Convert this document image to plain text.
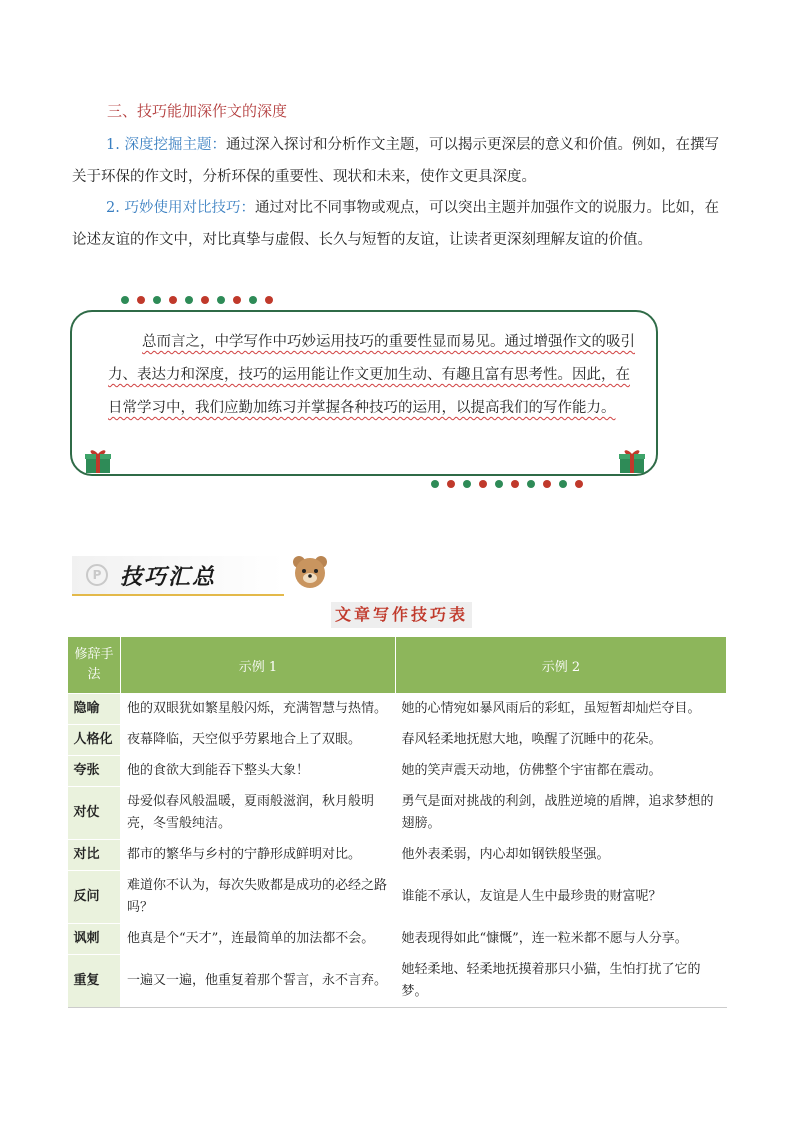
三、技巧能加深作文的深度
1. 深度挖掘主题：通过深入探讨和分析作文主题，可以揭示更深层的意义和价值。例如，在撰写关于环保的作文时，分析环保的重要性、现状和未来，使作文更具深度。
2. 巧妙使用对比技巧：通过对比不同事物或观点，可以突出主题并加强作文的说服力。比如，在论述友谊的作文中，对比真挚与虚假、长久与短暂的友谊，让读者更深刻理解友谊的价值。
总而言之，中学写作中巧妙运用技巧的重要性显而易见。通过增强作文的吸引力、表达力和深度，技巧的运用能让作文更加生动、有趣且富有思考性。因此，在日常学习中，我们应勤加练习并掌握各种技巧的运用，以提高我们的写作能力。
P 技巧汇总
文章写作技巧表
修辞手法	示例 1	示例 2
隐喻	他的双眼犹如繁星般闪烁，充满智慧与热情。	她的心情宛如暴风雨后的彩虹，虽短暂却灿烂夺目。
人格化	夜幕降临，天空似乎劳累地合上了双眼。	春风轻柔地抚慰大地，唤醒了沉睡中的花朵。
夸张	他的食欲大到能吞下整头大象！	她的笑声震天动地，仿佛整个宇宙都在震动。
对仗	母爱似春风般温暖，夏雨般滋润，秋月般明亮，冬雪般纯洁。	勇气是面对挑战的利剑，战胜逆境的盾牌，追求梦想的翅膀。
对比	都市的繁华与乡村的宁静形成鲜明对比。	他外表柔弱，内心却如钢铁般坚强。
反问	难道你不认为，每次失败都是成功的必经之路吗？	谁能不承认，友谊是人生中最珍贵的财富呢？
讽刺	他真是个“天才”，连最简单的加法都不会。	她表现得如此“慷慨”，连一粒米都不愿与人分享。
重复	一遍又一遍，他重复着那个誓言，永不言弃。	她轻柔地、轻柔地抚摸着那只小猫，生怕打扰了它的梦。
